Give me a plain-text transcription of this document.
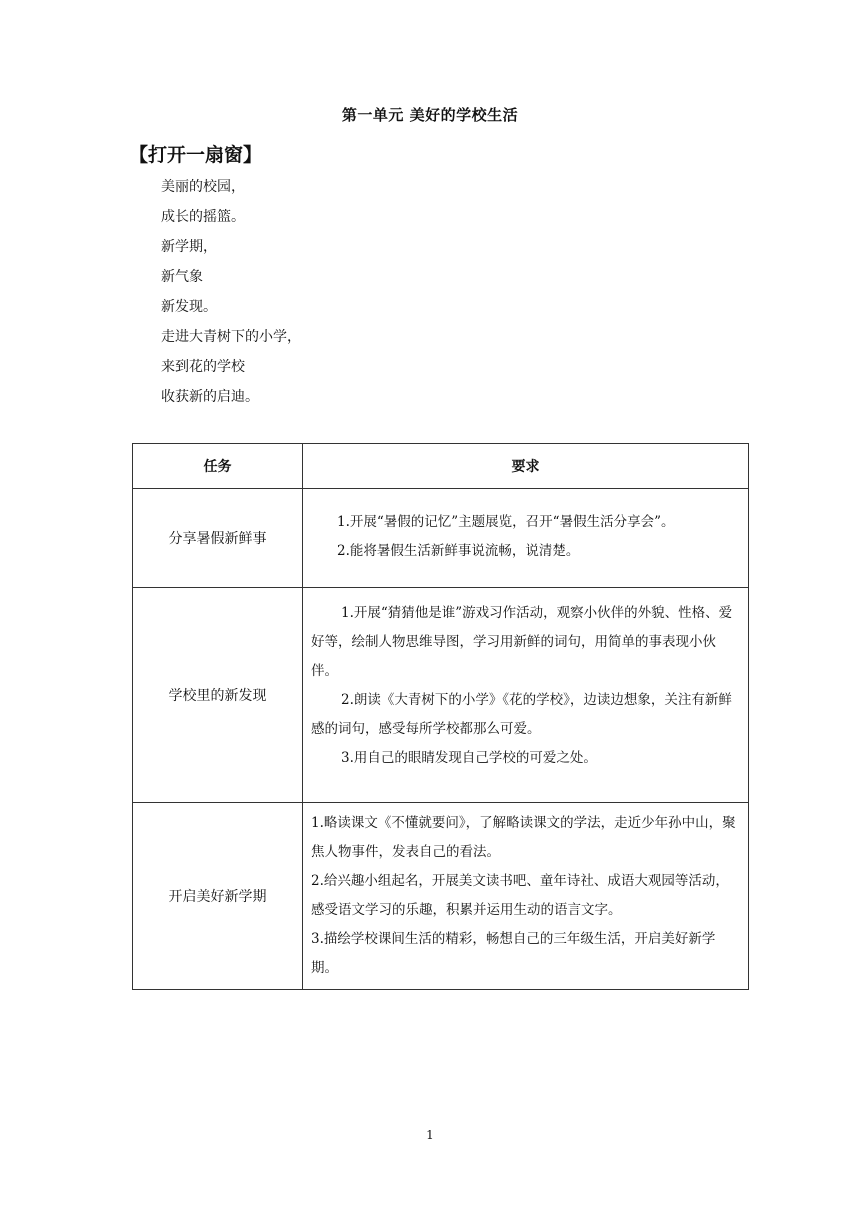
第一单元 美好的学校生活
【打开一扇窗】
美丽的校园，
成长的摇篮。
新学期，
新气象
新发现。
走进大青树下的小学，
来到花的学校
收获新的启迪。
任务	要求
分享暑假新鲜事	1.开展“暑假的记忆”主题展览，召开“暑假生活分享会”。

2.能将暑假生活新鲜事说流畅，说清楚。

学校里的新发现	1.开展“猜猜他是谁”游戏习作活动，观察小伙伴的外貌、性格、爱好等，绘制人物思维导图，学习用新鲜的词句，用简单的事表现小伙伴。

2.朗读《大青树下的小学》《花的学校》，边读边想象，关注有新鲜感的词句，感受每所学校都那么可爱。

3.用自己的眼睛发现自己学校的可爱之处。

开启美好新学期	1.略读课文《不懂就要问》，了解略读课文的学法，走近少年孙中山，聚焦人物事件，发表自己的看法。

2.给兴趣小组起名，开展美文读书吧、童年诗社、成语大观园等活动，感受语文学习的乐趣，积累并运用生动的语言文字。

3.描绘学校课间生活的精彩，畅想自己的三年级生活，开启美好新学期。

1
